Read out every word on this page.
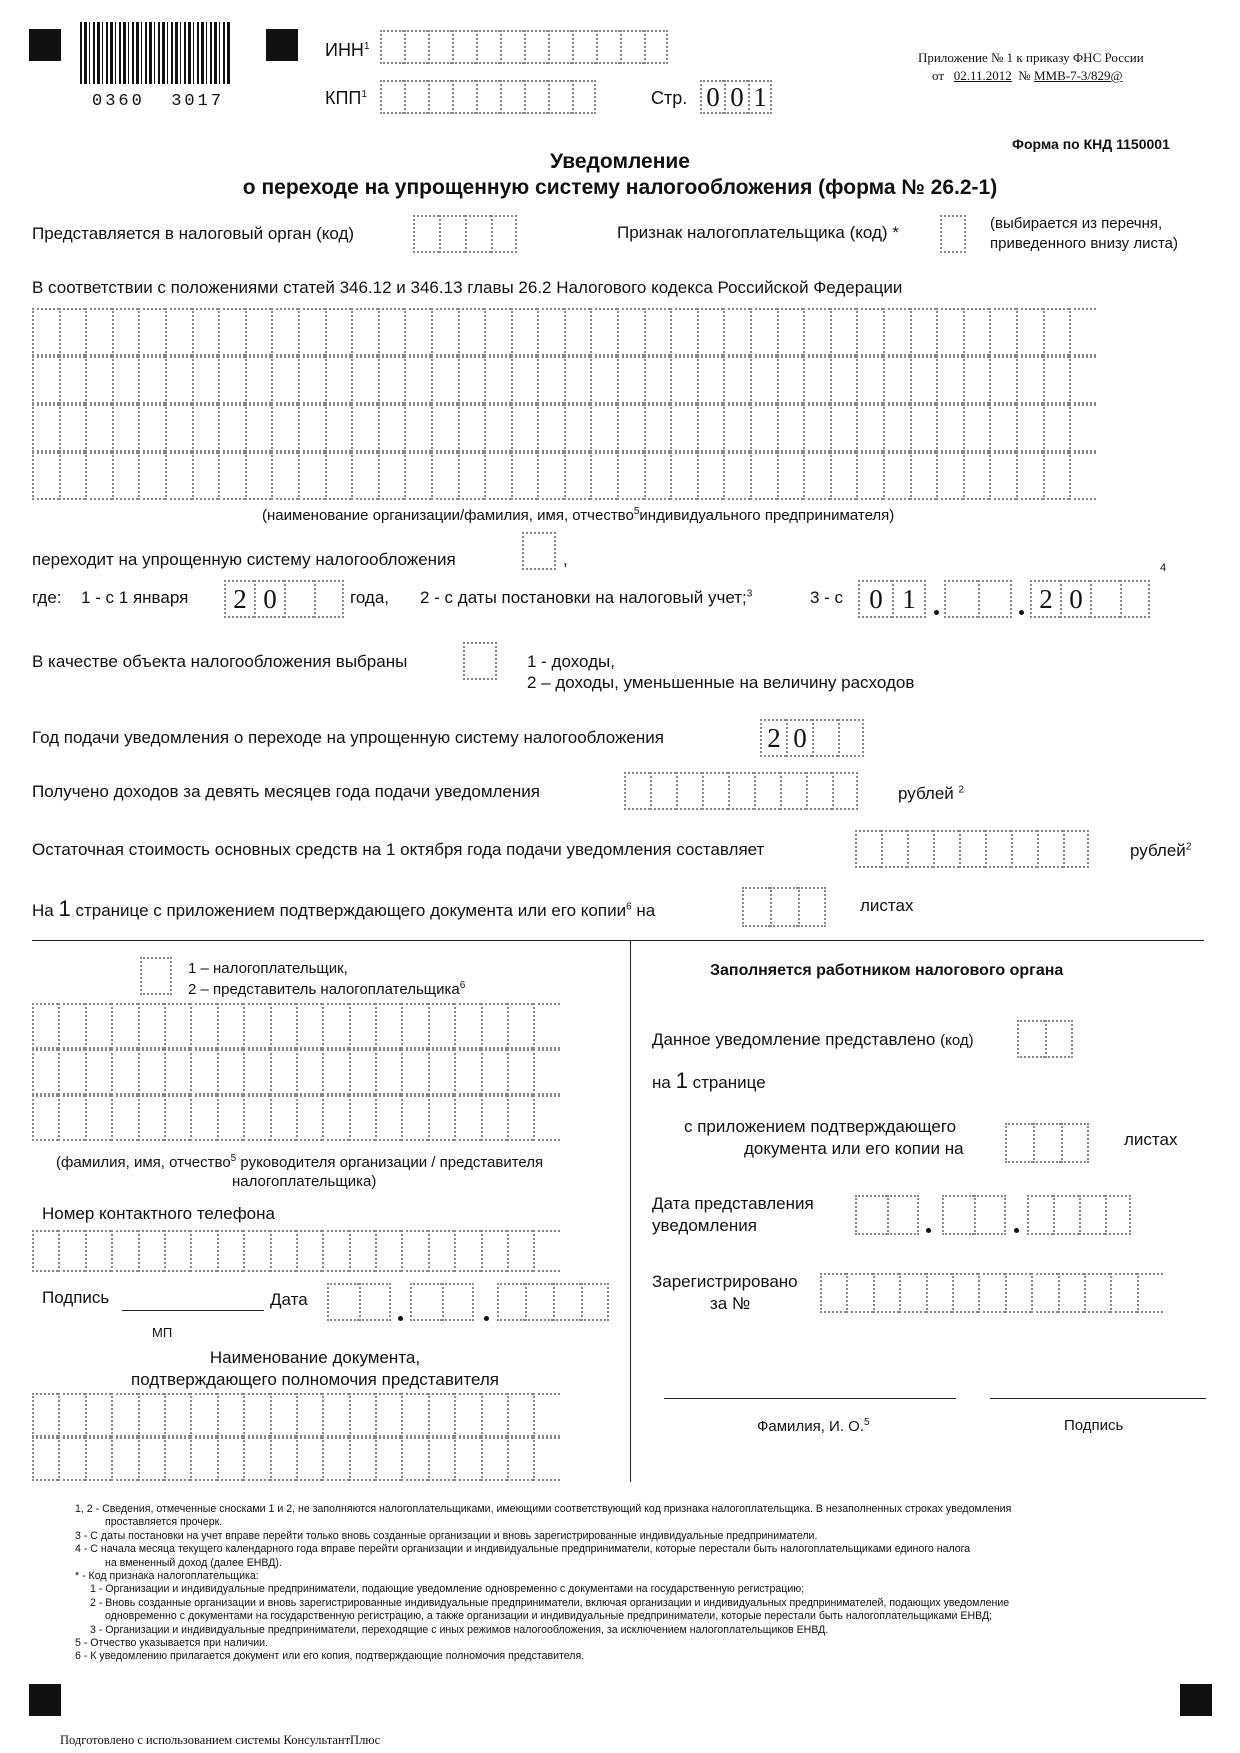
0360  3017
ИНН$^1$
КПП$^1$	Стр. 0 0 1
Приложение № 1 к приказу ФНС России
от 02.11.2012 № ММВ-7-3/829@
Форма по КНД 1150001
Уведомление
о переходе на упрощенную систему налогообложения (форма № 26.2-1)
Представляется в налоговый орган (код)	Признак налогоплательщика (код) *	(выбирается из перечня,
приведенного внизу листа)
В соответствии с положениями статей 346.12 и 346.13 главы 26.2 Налогового кодекса Российской Федерации
(наименование организации/фамилия, имя, отчество$^5$индивидуального предпринимателя)
переходит на упрощенную систему налогообложения	,
где: 1 - с 1 января	2 0	года, 2 - с даты постановки на налоговый учет;$^3$	3 - с 0 1	2 0
4
В качестве объекта налогообложения выбраны	1 - доходы,
2 – доходы, уменьшенные на величину расходов
Год подачи уведомления о переходе на упрощенную систему налогообложения	2 0
Получено доходов за девять месяцев года подачи уведомления	рублей $^2$
Остаточная стоимость основных средств на 1 октября года подачи уведомления составляет	рублей$^2$
На 1 странице с приложением подтверждающего документа или его копии$^6$ на	листах
1 – налогоплательщик,
2 – представитель налогоплательщика$^6$
(фамилия, имя, отчество$^5$ руководителя организации / представителя
налогоплательщика)
Номер контактного телефона
Подпись	Дата
МП
Наименование документа,
подтверждающего полномочия представителя
Заполняется работником налогового органа
Данное уведомление представлено (код)
на 1 странице
с приложением подтверждающего
документа или его копии на	листах
Дата представления
уведомления
Зарегистрировано
за №
Фамилия, И. О.$^5$	Подпись
1, 2 - Сведения, отмеченные сносками 1 и 2, не заполняются налогоплательщиками, имеющими соответствующий код признака налогоплательщика. В незаполненных строках уведомления
проставляется прочерк.
3 - С даты постановки на учет вправе перейти только вновь созданные организации и вновь зарегистрированные индивидуальные предприниматели.
4 - С начала месяца текущего календарного года вправе перейти организации и индивидуальные предприниматели, которые перестали быть налогоплательщиками единого налога
на вмененный доход (далее ЕНВД).
* - Код признака налогоплательщика:
1 - Организации и индивидуальные предприниматели, подающие уведомление одновременно с документами на государственную регистрацию;
2 - Вновь созданные организации и вновь зарегистрированные индивидуальные предприниматели, включая организации и индивидуальных предпринимателей, подающих уведомление
одновременно с документами на государственную регистрацию, а также организации и индивидуальные предприниматели, которые перестали быть налогоплательщиками ЕНВД;
3 - Организации и индивидуальные предприниматели, переходящие с иных режимов налогообложения, за исключением налогоплательщиков ЕНВД.
5 - Отчество указывается при наличии.
6 - К уведомлению прилагается документ или его копия, подтверждающие полномочия представителя.
Подготовлено с использованием системы КонсультантПлюс
